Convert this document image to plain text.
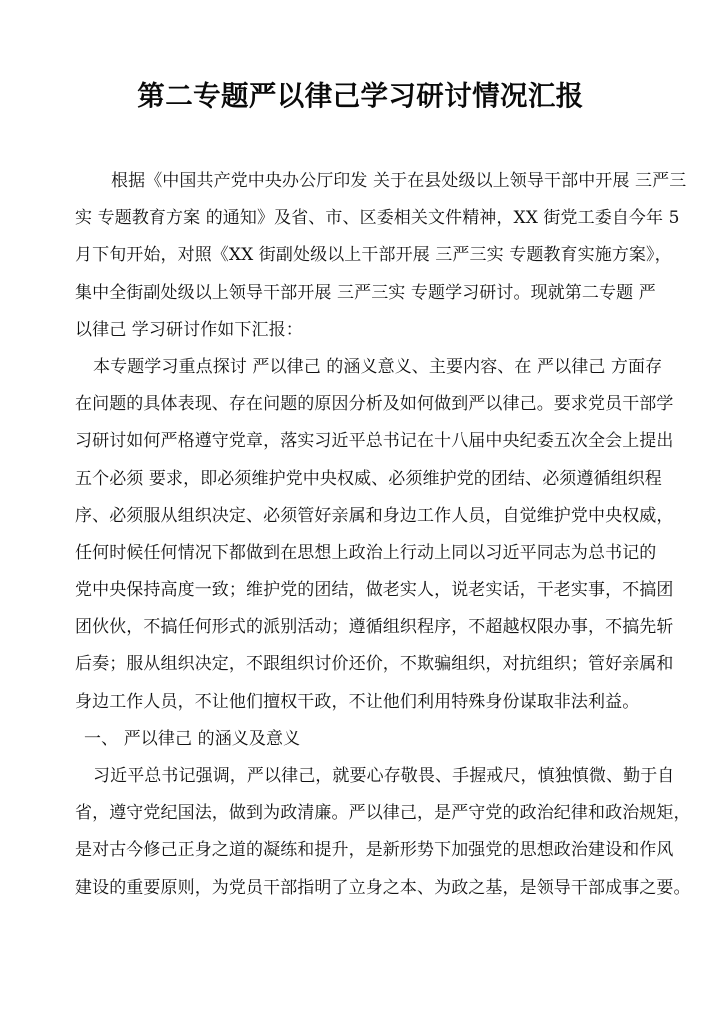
第二专题严以律己学习研讨情况汇报
根据《中国共产党中央办公厅印发 关于在县处级以上领导干部中开展 三严三
实 专题教育方案 的通知》及省、市、区委相关文件精神，XX 街党工委自今年 5
月下旬开始，对照《XX 街副处级以上干部开展 三严三实 专题教育实施方案》，
集中全街副处级以上领导干部开展 三严三实 专题学习研讨。现就第二专题 严
以律己 学习研讨作如下汇报：
本专题学习重点探讨 严以律己 的涵义意义、主要内容、在 严以律己 方面存
在问题的具体表现、存在问题的原因分析及如何做到严以律己。要求党员干部学
习研讨如何严格遵守党章，落实习近平总书记在十八届中央纪委五次全会上提出
五个必须 要求，即必须维护党中央权威、必须维护党的团结、必须遵循组织程
序、必须服从组织决定、必须管好亲属和身边工作人员，自觉维护党中央权威，
任何时候任何情况下都做到在思想上政治上行动上同以习近平同志为总书记的
党中央保持高度一致；维护党的团结，做老实人，说老实话，干老实事，不搞团
团伙伙，不搞任何形式的派别活动；遵循组织程序，不超越权限办事，不搞先斩
后奏；服从组织决定，不跟组织讨价还价，不欺骗组织，对抗组织；管好亲属和
身边工作人员，不让他们擅权干政，不让他们利用特殊身份谋取非法利益。
一、 严以律己 的涵义及意义
习近平总书记强调，严以律己，就要心存敬畏、手握戒尺，慎独慎微、勤于自
省，遵守党纪国法，做到为政清廉。严以律己，是严守党的政治纪律和政治规矩，
是对古今修己正身之道的凝练和提升，是新形势下加强党的思想政治建设和作风
建设的重要原则，为党员干部指明了立身之本、为政之基，是领导干部成事之要。
